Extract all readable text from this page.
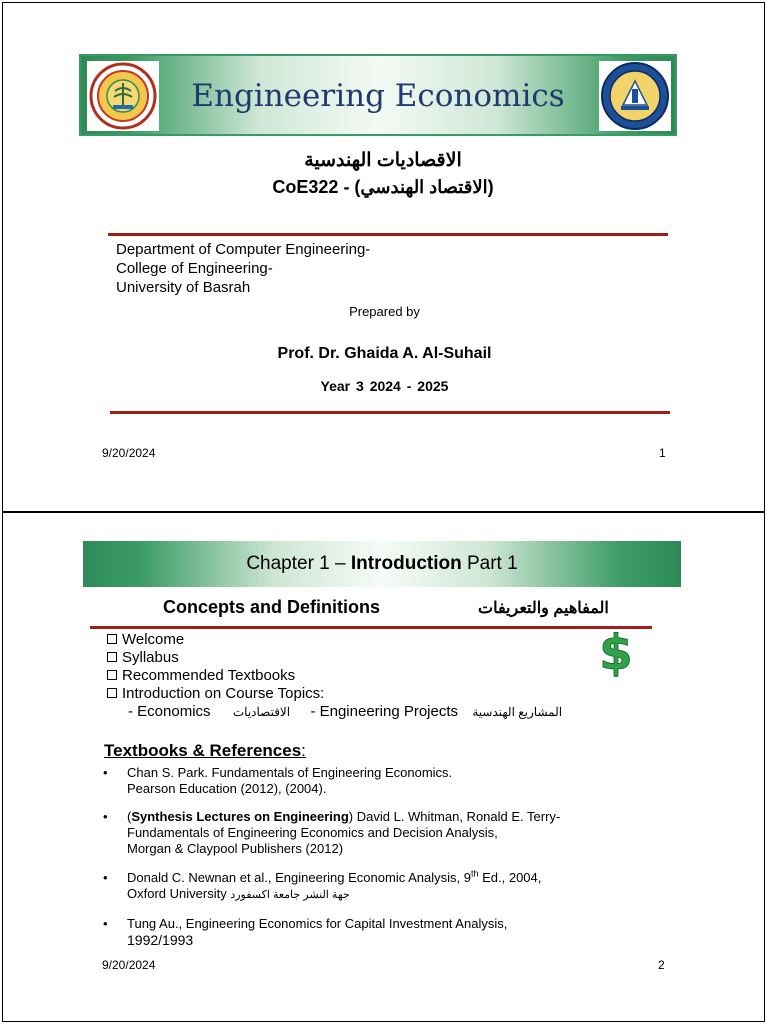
Engineering Economics
الاقصاديات الهندسية
(الاقتصاد الهندسي) - CoE322
Department of Computer Engineering-
College of Engineering-
University of Basrah
Prepared by
Prof. Dr. Ghaida A. Al-Suhail
Year 3 2024 - 2025
9/20/2024	1
Chapter 1 – Introduction Part 1
Concepts and Definitions	المفاهيم والتعريفات
Welcome
Syllabus
Recommended Textbooks
Introduction on Course Topics:
- Economics الاقتصاديات - Engineering Projects المشاريع الهندسية
$
Textbooks & References:
• Chan S. Park. Fundamentals of Engineering Economics.
Pearson Education (2012), (2004).
• (Synthesis Lectures on Engineering) David L. Whitman, Ronald E. Terry-
Fundamentals of Engineering Economics and Decision Analysis,
Morgan & Claypool Publishers (2012)
• Donald C. Newnan et al., Engineering Economic Analysis, 9th Ed., 2004,
Oxford University جهة النشر جامعة اكسفورد
• Tung Au., Engineering Economics for Capital Investment Analysis,
1992/1993
9/20/2024	2
